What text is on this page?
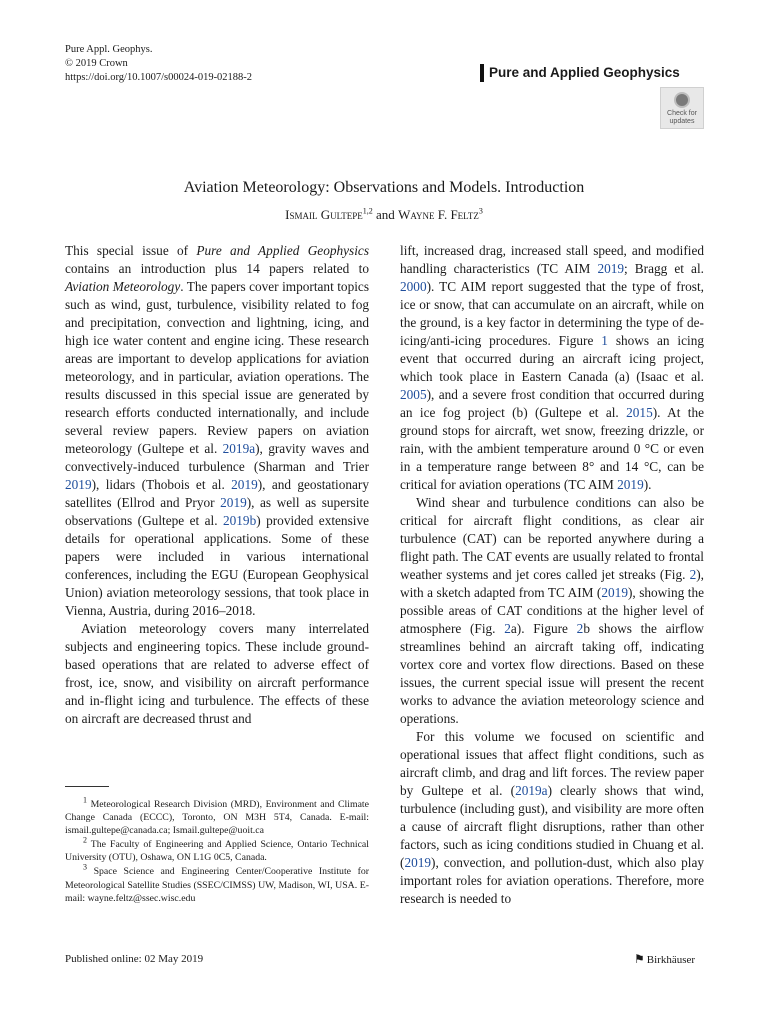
Pure Appl. Geophys.
© 2019 Crown
https://doi.org/10.1007/s00024-019-02188-2	Pure and Applied Geophysics
Check for updates
Aviation Meteorology: Observations and Models. Introduction
Ismail Gultepe$^{1,2}$ and Wayne F. Feltz$^3$

This special issue of Pure and Applied Geophysics contains an introduction plus 14 papers related to Aviation Meteorology. The papers cover important topics such as wind, gust, turbulence, visibility related to fog and precipitation, convection and lightning, icing, and high ice water content and engine icing. These research areas are important to develop applications for aviation meteorology, and in particular, aviation operations. The results discussed in this special issue are generated by research efforts conducted internationally, and include several review papers. Review papers on aviation meteorology (Gultepe et al. 2019a), gravity waves and convectively-induced turbulence (Sharman and Trier 2019), lidars (Thobois et al. 2019), and geostationary satellites (Ellrod and Pryor 2019), as well as supersite observations (Gultepe et al. 2019b) provided extensive details for operational applications. Some of these papers were included in various international conferences, including the EGU (European Geophysical Union) aviation meteorology sessions, that took place in Vienna, Austria, during 2016–2018.

Aviation meteorology covers many interrelated subjects and engineering topics. These include ground-based operations that are related to adverse effect of frost, ice, snow, and visibility on aircraft performance and in-flight icing and turbulence. The effects of these on aircraft are decreased thrust and

lift, increased drag, increased stall speed, and modified handling characteristics (TC AIM 2019; Bragg et al. 2000). TC AIM report suggested that the type of frost, ice or snow, that can accumulate on an aircraft, while on the ground, is a key factor in determining the type of de-icing/anti-icing procedures. Figure 1 shows an icing event that occurred during an aircraft icing project, which took place in Eastern Canada (a) (Isaac et al. 2005), and a severe frost condition that occurred during an ice fog project (b) (Gultepe et al. 2015). At the ground stops for aircraft, wet snow, freezing drizzle, or rain, with the ambient temperature around 0 °C or even in a temperature range between 8° and 14 °C, can be critical for aviation operations (TC AIM 2019).

Wind shear and turbulence conditions can also be critical for aircraft flight conditions, as clear air turbulence (CAT) can be reported anywhere during a flight path. The CAT events are usually related to frontal weather systems and jet cores called jet streaks (Fig. 2), with a sketch adapted from TC AIM (2019), showing the possible areas of CAT conditions at the higher level of atmosphere (Fig. 2a). Figure 2b shows the airflow streamlines behind an aircraft taking off, indicating vortex core and vortex flow directions. Based on these issues, the current special issue will present the recent works to advance the aviation meteorology science and operations.

For this volume we focused on scientific and operational issues that affect flight conditions, such as aircraft climb, and drag and lift forces. The review paper by Gultepe et al. (2019a) clearly shows that wind, turbulence (including gust), and visibility are more often a cause of aircraft flight disruptions, rather than other factors, such as icing conditions studied in Chuang et al. (2019), convection, and pollution-dust, which also play important roles for aviation operations. Therefore, more research is needed to

$^1$ Meteorological Research Division (MRD), Environment and Climate Change Canada (ECCC), Toronto, ON M3H 5T4, Canada. E-mail: ismail.gultepe@canada.ca; Ismail.gultepe@uoit.ca

$^2$ The Faculty of Engineering and Applied Science, Ontario Technical University (OTU), Oshawa, ON L1G 0C5, Canada.

$^3$ Space Science and Engineering Center/Cooperative Institute for Meteorological Satellite Studies (SSEC/CIMSS) UW, Madison, WI, USA. E-mail: wayne.feltz@ssec.wisc.edu

Published online: 02 May 2019	⚑ Birkhäuser
